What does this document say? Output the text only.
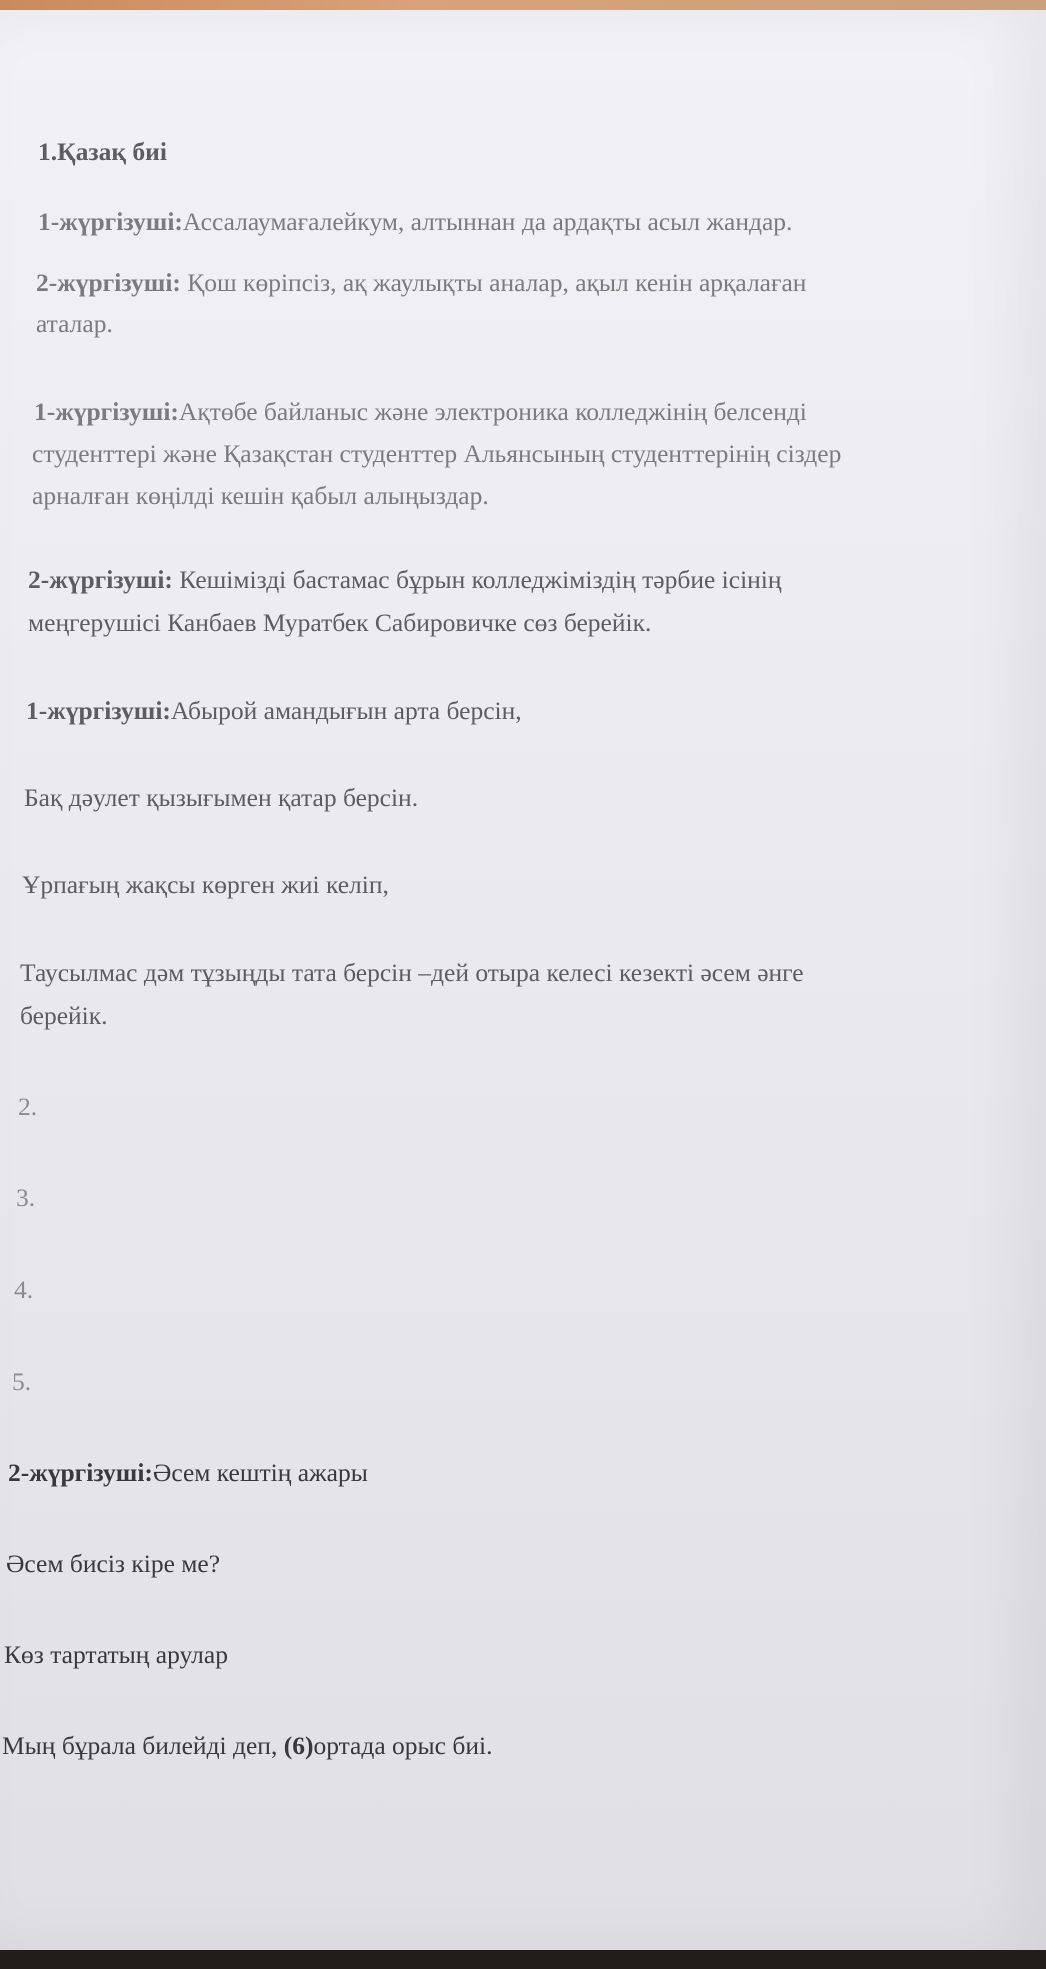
1.Қазақ биі

1-жүргізуші:Ассалаумағалейкум, алтыннан да ардақты асыл жандар.

2-жүргізуші: Қош көріпсіз, ақ жаулықты аналар, ақыл кенін арқалаған

аталар.

1-жүргізуші:Ақтөбе байланыс және электроника колледжінің белсенді

студенттері және Қазақстан студенттер Альянсының студенттерінің сіздер

арналған көңілді кешін қабыл алыңыздар.

2-жүргізуші: Кешімізді бастамас бұрын колледжіміздің тәрбие ісінің

меңгерушісі Канбаев Муратбек Сабировичке сөз берейік.

1-жүргізуші:Абырой амандығын арта берсін,

Бақ дәулет қызығымен қатар берсін.

Ұрпағың жақсы көрген жиі келіп,

Таусылмас дәм тұзыңды тата берсін –дей отыра келесі кезекті әсем әнге

берейік.

2.

3.

4.

5.

2-жүргізуші:Әсем кештің ажары

Әсем бисіз кіре ме?

Көз тартатың арулар

Мың бұрала билейді деп, (6)ортада орыс биі.
